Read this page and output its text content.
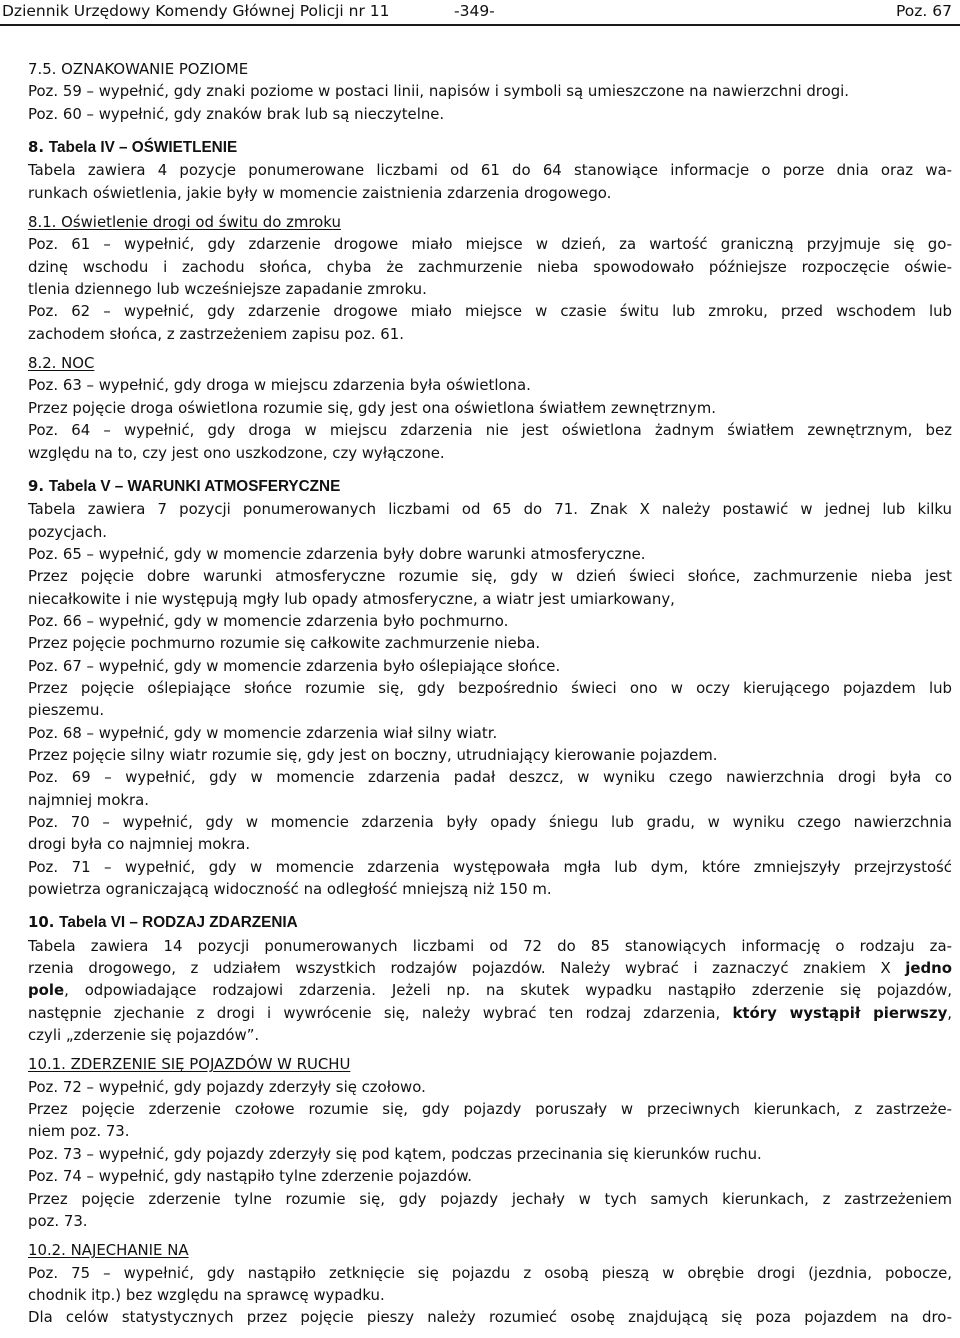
Dziennik Urzędowy Komendy Głównej Policji nr 11	-349-	Poz. 67

7.5. OZNAKOWANIE POZIOME

Poz. 59 – wypełnić, gdy znaki poziome w postaci linii, napisów i symboli są umieszczone na nawierzchni drogi.

Poz. 60 – wypełnić, gdy znaków brak lub są nieczytelne.

8. Tabela IV – OŚWIETLENIE

Tabela zawiera 4 pozycje ponumerowane liczbami od 61 do 64 stanowiące informacje o porze dnia oraz wa-

runkach oświetlenia, jakie były w momencie zaistnienia zdarzenia drogowego.

8.1. Oświetlenie drogi od świtu do zmroku

Poz. 61 – wypełnić, gdy zdarzenie drogowe miało miejsce w dzień, za wartość graniczną przyjmuje się go-

dzinę wschodu i zachodu słońca, chyba że zachmurzenie nieba spowodowało późniejsze rozpoczęcie oświe-

tlenia dziennego lub wcześniejsze zapadanie zmroku.

Poz. 62 – wypełnić, gdy zdarzenie drogowe miało miejsce w czasie świtu lub zmroku, przed wschodem lub

zachodem słońca, z zastrzeżeniem zapisu poz. 61.

8.2. NOC

Poz. 63 – wypełnić, gdy droga w miejscu zdarzenia była oświetlona.

Przez pojęcie droga oświetlona rozumie się, gdy jest ona oświetlona światłem zewnętrznym.

Poz. 64 – wypełnić, gdy droga w miejscu zdarzenia nie jest oświetlona żadnym światłem zewnętrznym, bez

względu na to, czy jest ono uszkodzone, czy wyłączone.

9. Tabela V – WARUNKI ATMOSFERYCZNE

Tabela zawiera 7 pozycji ponumerowanych liczbami od 65 do 71. Znak X należy postawić w jednej lub kilku

pozycjach.

Poz. 65 – wypełnić, gdy w momencie zdarzenia były dobre warunki atmosferyczne.

Przez pojęcie dobre warunki atmosferyczne rozumie się, gdy w dzień świeci słońce, zachmurzenie nieba jest

niecałkowite i nie występują mgły lub opady atmosferyczne, a wiatr jest umiarkowany,

Poz. 66 – wypełnić, gdy w momencie zdarzenia było pochmurno.

Przez pojęcie pochmurno rozumie się całkowite zachmurzenie nieba.

Poz. 67 – wypełnić, gdy w momencie zdarzenia było oślepiające słońce.

Przez pojęcie oślepiające słońce rozumie się, gdy bezpośrednio świeci ono w oczy kierującego pojazdem lub

pieszemu.

Poz. 68 – wypełnić, gdy w momencie zdarzenia wiał silny wiatr.

Przez pojęcie silny wiatr rozumie się, gdy jest on boczny, utrudniający kierowanie pojazdem.

Poz. 69 – wypełnić, gdy w momencie zdarzenia padał deszcz, w wyniku czego nawierzchnia drogi była co

najmniej mokra.

Poz. 70 – wypełnić, gdy w momencie zdarzenia były opady śniegu lub gradu, w wyniku czego nawierzchnia

drogi była co najmniej mokra.

Poz. 71 – wypełnić, gdy w momencie zdarzenia występowała mgła lub dym, które zmniejszyły przejrzystość

powietrza ograniczającą widoczność na odległość mniejszą niż 150 m.

10. Tabela VI – RODZAJ ZDARZENIA

Tabela zawiera 14 pozycji ponumerowanych liczbami od 72 do 85 stanowiących informację o rodzaju za-

rzenia drogowego, z udziałem wszystkich rodzajów pojazdów. Należy wybrać i zaznaczyć znakiem X jedno

pole, odpowiadające rodzajowi zdarzenia. Jeżeli np. na skutek wypadku nastąpiło zderzenie się pojazdów,

następnie zjechanie z drogi i wywrócenie się, należy wybrać ten rodzaj zdarzenia, który wystąpił pierwszy,

czyli „zderzenie się pojazdów”.

10.1. ZDERZENIE SIĘ POJAZDÓW W RUCHU

Poz. 72 – wypełnić, gdy pojazdy zderzyły się czołowo.

Przez pojęcie zderzenie czołowe rozumie się, gdy pojazdy poruszały w przeciwnych kierunkach, z zastrzeże-

niem poz. 73.

Poz. 73 – wypełnić, gdy pojazdy zderzyły się pod kątem, podczas przecinania się kierunków ruchu.

Poz. 74 – wypełnić, gdy nastąpiło tylne zderzenie pojazdów.

Przez pojęcie zderzenie tylne rozumie się, gdy pojazdy jechały w tych samych kierunkach, z zastrzeżeniem

poz. 73.

10.2. NAJECHANIE NA

Poz. 75 – wypełnić, gdy nastąpiło zetknięcie się pojazdu z osobą pieszą w obrębie drogi (jezdnia, pobocze,

chodnik itp.) bez względu na sprawcę wypadku.

Dla celów statystycznych przez pojęcie pieszy należy rozumieć osobę znajdującą się poza pojazdem na dro-
